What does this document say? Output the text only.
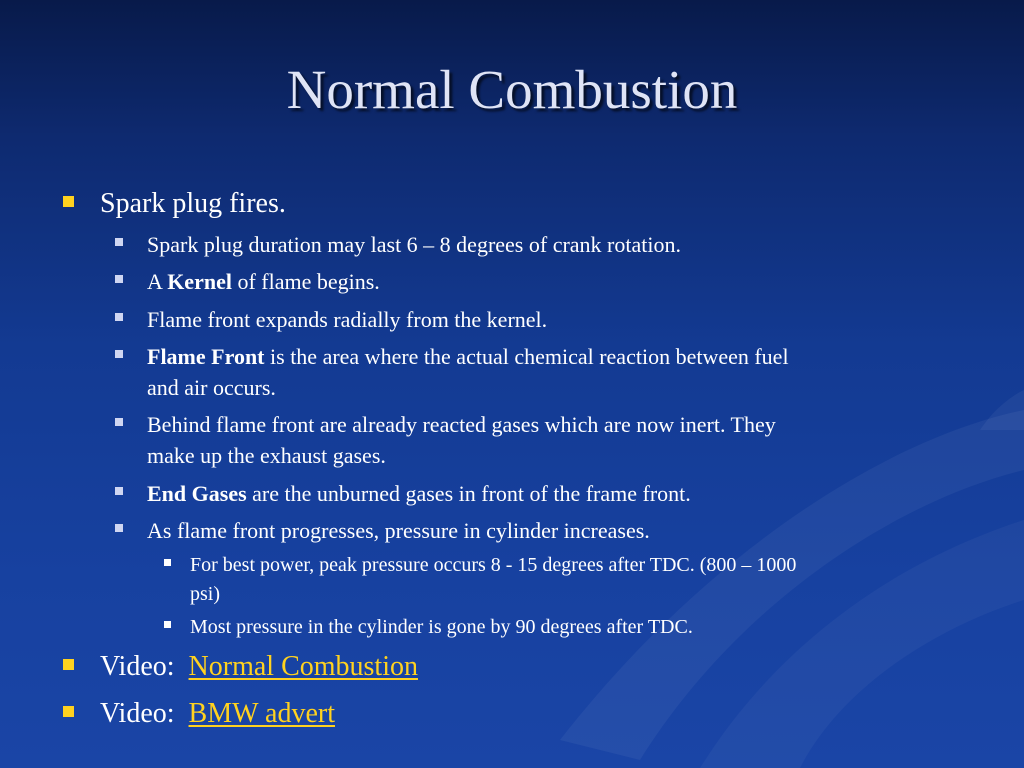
Normal Combustion
Spark plug fires.
Spark plug duration may last 6 – 8 degrees of crank rotation.
A Kernel of flame begins.
Flame front expands radially from the kernel.
Flame Front is the area where the actual chemical reaction between fuel
and air occurs.
Behind flame front are already reacted gases which are now inert. They
make up the exhaust gases.
End Gases are the unburned gases in front of the frame front.
As flame front progresses, pressure in cylinder increases.
For best power, peak pressure occurs 8 - 15 degrees after TDC. (800 – 1000
psi)
Most pressure in the cylinder is gone by 90 degrees after TDC.
Video:  Normal Combustion
Video:  BMW advert
